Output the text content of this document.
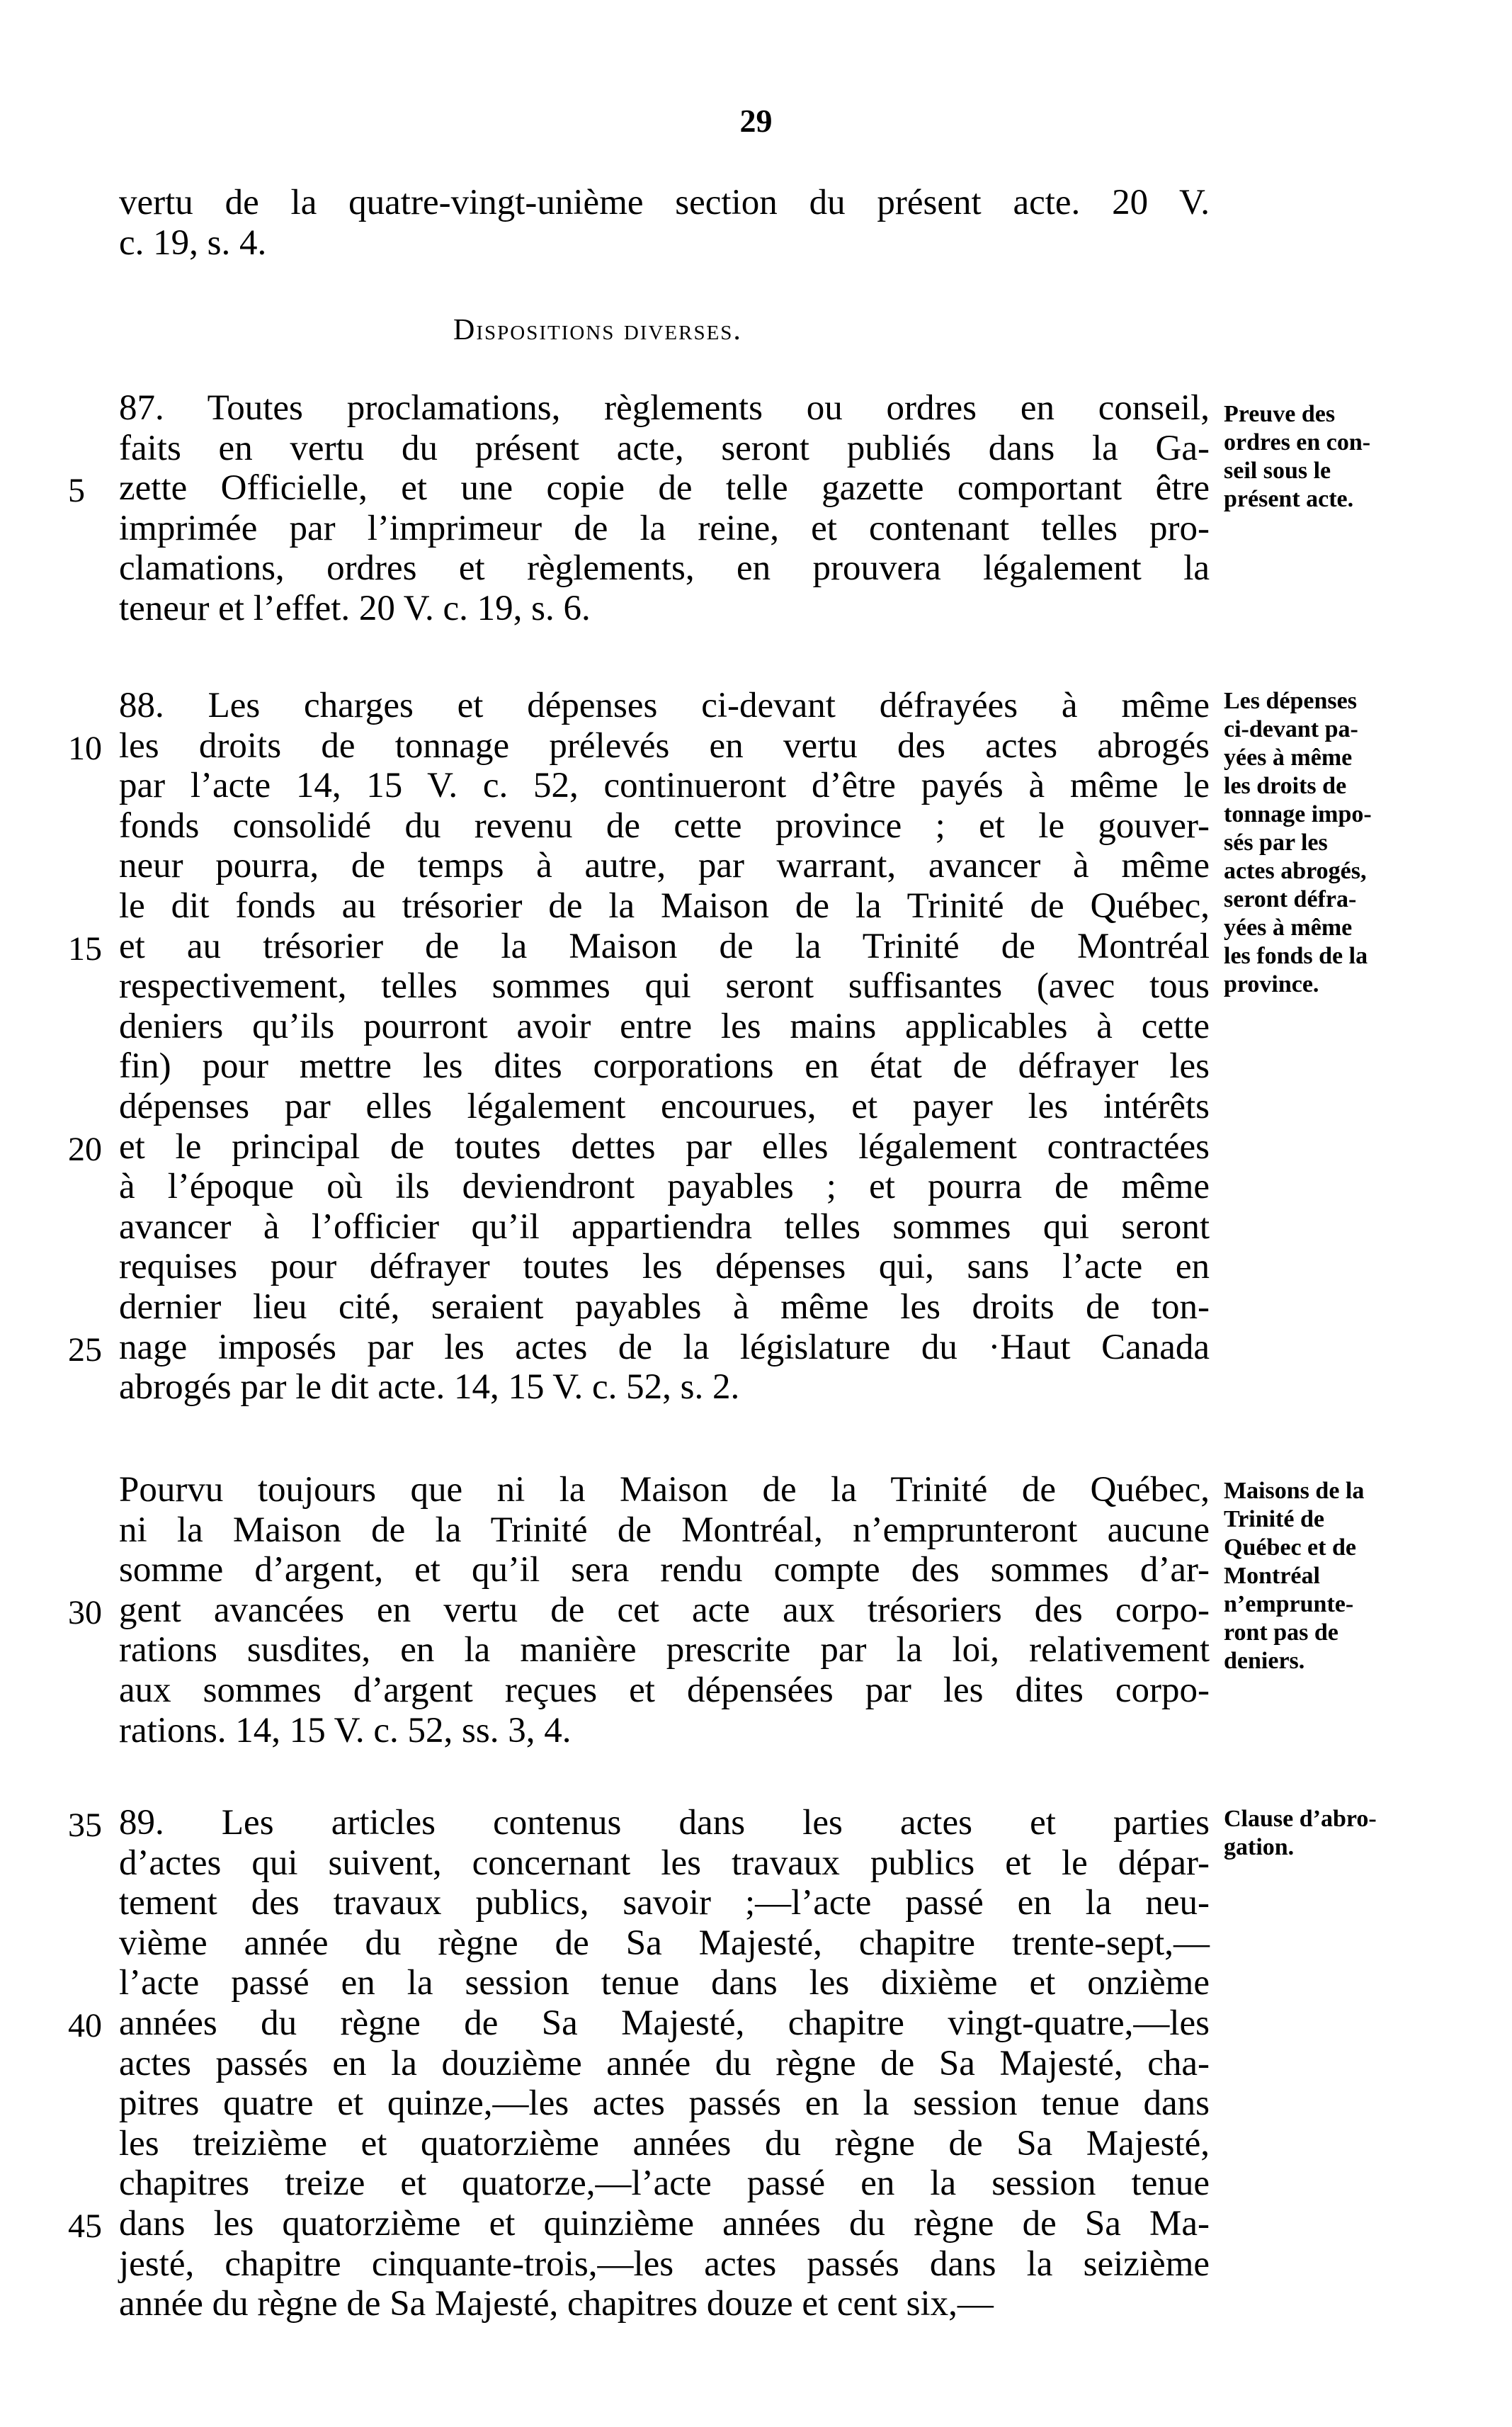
29
Dispositions diverses.
vertu de la quatre-vingt-unième section du présent acte. 20 V.
c. 19, s. 4.
87. Toutes proclamations, règlements ou ordres en conseil,
faits en vertu du présent acte, seront publiés dans la Ga-
zette Officielle, et une copie de telle gazette comportant être
5
imprimée par l’imprimeur de la reine, et contenant telles pro-
clamations, ordres et règlements, en prouvera légalement la
teneur et l’effet. 20 V. c. 19, s. 6.
88. Les charges et dépenses ci-devant défrayées à même
les droits de tonnage prélevés en vertu des actes abrogés
10
par l’acte 14, 15 V. c. 52, continueront d’être payés à même le
fonds consolidé du revenu de cette province ; et le gouver-
neur pourra, de temps à autre, par warrant, avancer à même
le dit fonds au trésorier de la Maison de la Trinité de Québec,
et au trésorier de la Maison de la Trinité de Montréal
15
respectivement, telles sommes qui seront suffisantes (avec tous
deniers qu’ils pourront avoir entre les mains applicables à cette
fin) pour mettre les dites corporations en état de défrayer les
dépenses par elles légalement encourues, et payer les intérêts
et le principal de toutes dettes par elles légalement contractées
20
à l’époque où ils deviendront payables ; et pourra de même
avancer à l’officier qu’il appartiendra telles sommes qui seront
requises pour défrayer toutes les dépenses qui, sans l’acte en
dernier lieu cité, seraient payables à même les droits de ton-
nage imposés par les actes de la législature du ·Haut Canada
25
abrogés par le dit acte. 14, 15 V. c. 52, s. 2.
Pourvu toujours que ni la Maison de la Trinité de Québec,
ni la Maison de la Trinité de Montréal, n’emprunteront aucune
somme d’argent, et qu’il sera rendu compte des sommes d’ar-
gent avancées en vertu de cet acte aux trésoriers des corpo-
30
rations susdites, en la manière prescrite par la loi, relativement
aux sommes d’argent reçues et dépensées par les dites corpo-
rations. 14, 15 V. c. 52, ss. 3, 4.
89. Les articles contenus dans les actes et parties
35
d’actes qui suivent, concernant les travaux publics et le dépar-
tement des travaux publics, savoir ;—l’acte passé en la neu-
vième année du règne de Sa Majesté, chapitre trente-sept,—
l’acte passé en la session tenue dans les dixième et onzième
années du règne de Sa Majesté, chapitre vingt-quatre,—les
40
actes passés en la douzième année du règne de Sa Majesté, cha-
pitres quatre et quinze,—les actes passés en la session tenue dans
les treizième et quatorzième années du règne de Sa Majesté,
chapitres treize et quatorze,—l’acte passé en la session tenue
dans les quatorzième et quinzième années du règne de Sa Ma-
45
jesté, chapitre cinquante-trois,—les actes passés dans la seizième
année du règne de Sa Majesté, chapitres douze et cent six,—
Preuve des
ordres en con-
seil sous le
présent acte.
Les dépenses
ci-devant pa-
yées à même
les droits de
tonnage impo-
sés par les
actes abrogés,
seront défra-
yées à même
les fonds de la
province.
Maisons de la
Trinité de
Québec et de
Montréal
n’emprunte-
ront pas de
deniers.
Clause d’abro-
gation.
